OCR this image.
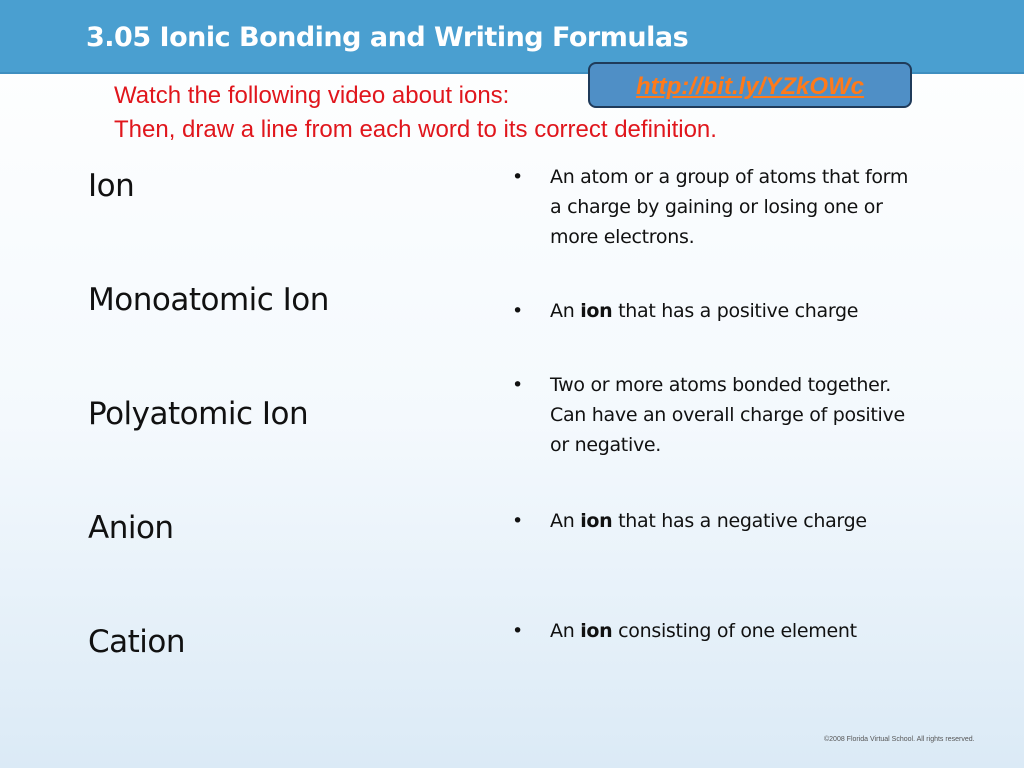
3.05 Ionic Bonding and Writing Formulas
Watch the following video about ions:
Then, draw a line from each word to its correct definition.
http://bit.ly/YZkOWc
Ion
Monoatomic Ion
Polyatomic Ion
Anion
Cation
• An atom or a group of atoms that form a charge by gaining or losing one or more electrons.
• An ion that has a positive charge
• Two or more atoms bonded together. Can have an overall charge of positive or negative.
• An ion that has a negative charge
• An ion consisting of one element
©2008 Florida Virtual School. All rights reserved.
